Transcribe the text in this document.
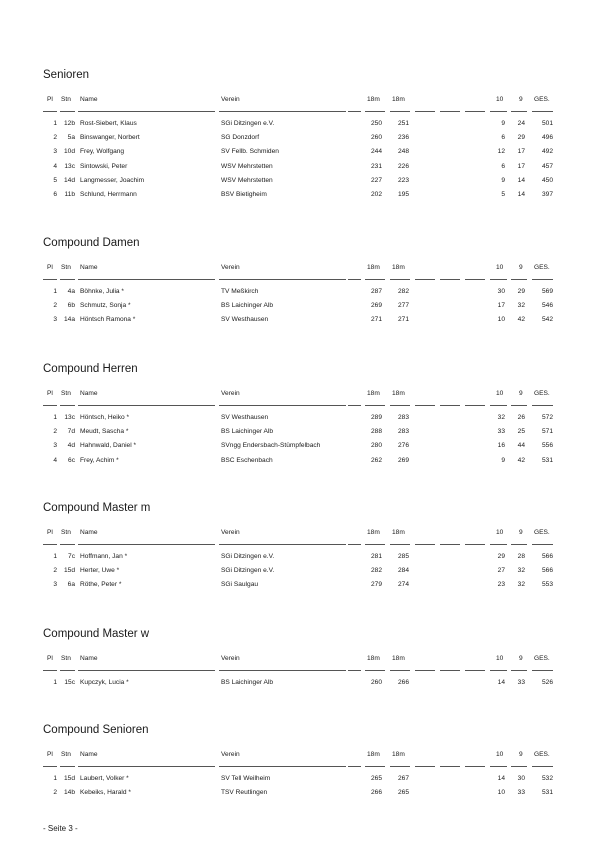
Senioren
Pl Stn Name	Verein	18m 18m	10 9 GES.
1	12b Rost-Siebert, Klaus	SGi Ditzingen e.V.	250	251	9	24	501
2	5a Binswanger, Norbert	SG Donzdorf	260	236	6	29	496
3	10d Frey, Wolfgang	SV Fellb. Schmiden	244	248	12	17	492
4	13c Sintowski, Peter	WSV Mehrstetten	231	226	6	17	457
5	14d Langmesser, Joachim	WSV Mehrstetten	227	223	9	14	450
6	11b Schlund, Herrmann	BSV Bietigheim	202	195	5	14	397
Compound Damen
Pl Stn Name	Verein	18m 18m	10 9 GES.
1	4a Böhnke, Julia *	TV Meßkirch	287	282	30	29	569
2	6b Schmutz, Sonja *	BS Laichinger Alb	269	277	17	32	546
3	14a Höntsch Ramona *	SV Westhausen	271	271	10	42	542
Compound Herren
Pl Stn Name	Verein	18m 18m	10 9 GES.
1	13c Höntsch, Heiko *	SV Westhausen	289	283	32	26	572
2	7d Meudt, Sascha *	BS Laichinger Alb	288	283	33	25	571
3	4d Hahnwald, Daniel *	SVngg Endersbach-Stümpfelbach	280	276	16	44	556
4	6c Frey, Achim *	BSC Eschenbach	262	269	9	42	531
Compound Master m
Pl Stn Name	Verein	18m 18m	10 9 GES.
1	7c Hoffmann, Jan *	SGi Ditzingen e.V.	281	285	29	28	566
2	15d Herter, Uwe *	SGi Ditzingen e.V.	282	284	27	32	566
3	6a Röthe, Peter *	SGi Saulgau	279	274	23	32	553
Compound Master w
Pl Stn Name	Verein	18m 18m	10 9 GES.
1	15c Kupczyk, Lucia *	BS Laichinger Alb	260	266	14	33	526
Compound Senioren
Pl Stn Name	Verein	18m 18m	10 9 GES.
1	15d Laubert, Volker *	SV Tell Weilheim	265	267	14	30	532
2	14b Kebeiks, Harald *	TSV Reutlingen	266	265	10	33	531
- Seite 3 -
